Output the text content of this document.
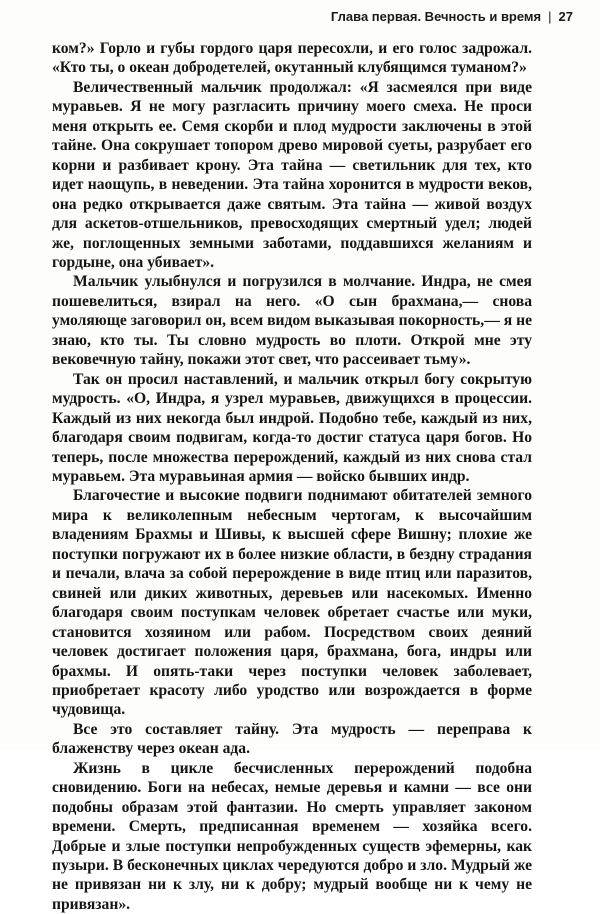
Глава первая. Вечность и время | 27

ком?» Горло и губы гордого царя пересохли, и его голос задрожал. «Кто ты, о океан добродетелей, окутанный клубящимся туманом?»

Величественный мальчик продолжал: «Я засмеялся при виде муравьев. Я не могу разгласить причину моего смеха. Не проси меня открыть ее. Семя скорби и плод мудрости заключены в этой тайне. Она сокрушает топором древо мировой суеты, разрубает его корни и разбивает крону. Эта тайна — светильник для тех, кто идет наощупь, в неведении. Эта тайна хоронится в мудрости веков, она редко открывается даже святым. Эта тайна — живой воздух для аскетов-отшельников, превосходящих смертный удел; людей же, поглощенных земными заботами, поддавшихся желаниям и гордыне, она убивает».

Мальчик улыбнулся и погрузился в молчание. Индра, не смея пошевелиться, взирал на него. «О сын брахмана,— снова умоляюще заговорил он, всем видом выказывая покорность,— я не знаю, кто ты. Ты словно мудрость во плоти. Открой мне эту вековечную тайну, покажи этот свет, что рассеивает тьму».

Так он просил наставлений, и мальчик открыл богу сокрытую мудрость. «О, Индра, я узрел муравьев, движущихся в процессии. Каждый из них некогда был индрой. Подобно тебе, каждый из них, благодаря своим подвигам, когда-то достиг статуса царя богов. Но теперь, после множества перерождений, каждый из них снова стал муравьем. Эта муравьиная армия — войско бывших индр.

Благочестие и высокие подвиги поднимают обитателей земного мира к великолепным небесным чертогам, к высочайшим владениям Брахмы и Шивы, к высшей сфере Вишну; плохие же поступки погружают их в более низкие области, в бездну страдания и печали, влача за собой перерождение в виде птиц или паразитов, свиней или диких животных, деревьев или насекомых. Именно благодаря своим поступкам человек обретает счастье или муки, становится хозяином или рабом. Посредством своих деяний человек достигает положения царя, брахмана, бога, индры или брахмы. И опять-таки через поступки человек заболевает, приобретает красоту либо уродство или возрождается в форме чудовища.

Все это составляет тайну. Эта мудрость — переправа к блаженству через океан ада.

Жизнь в цикле бесчисленных перерождений подобна сновидению. Боги на небесах, немые деревья и камни — все они подобны образам этой фантазии. Но смерть управляет законом времени. Смерть, предписанная временем — хозяйка всего. Добрые и злые поступки непробужденных существ эфемерны, как пузыри. В бесконечных циклах чередуются добро и зло. Мудрый же не привязан ни к злу, ни к добру; мудрый вообще ни к чему не привязан».
